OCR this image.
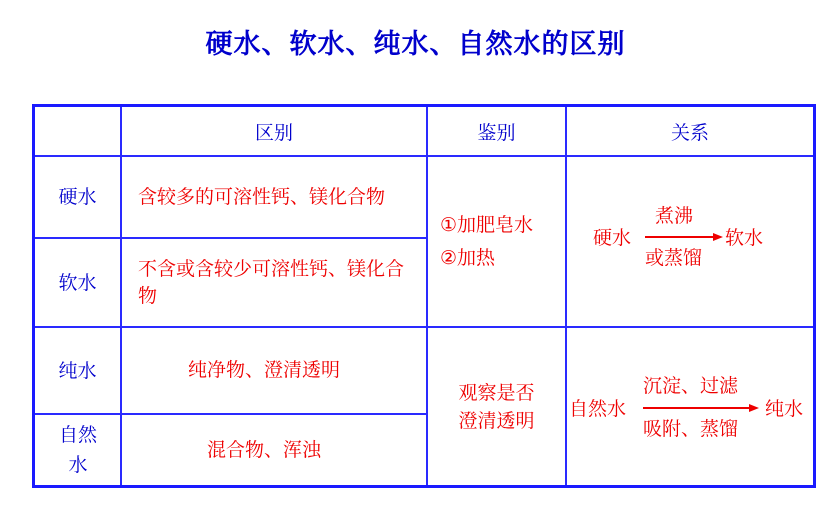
硬水、软水、纯水、自然水的区别
区别	鉴别	关系
硬水
软水
纯水
自然水
含较多的可溶性钙、镁化合物
不含或含较少可溶性钙、镁化合物
纯净物、澄清透明
混合物、浑浊
①加肥皂水
②加热
观察是否澄清透明
硬水
煮沸
或蒸馏
软水
自然水
沉淀、过滤
吸附、蒸馏
纯水
